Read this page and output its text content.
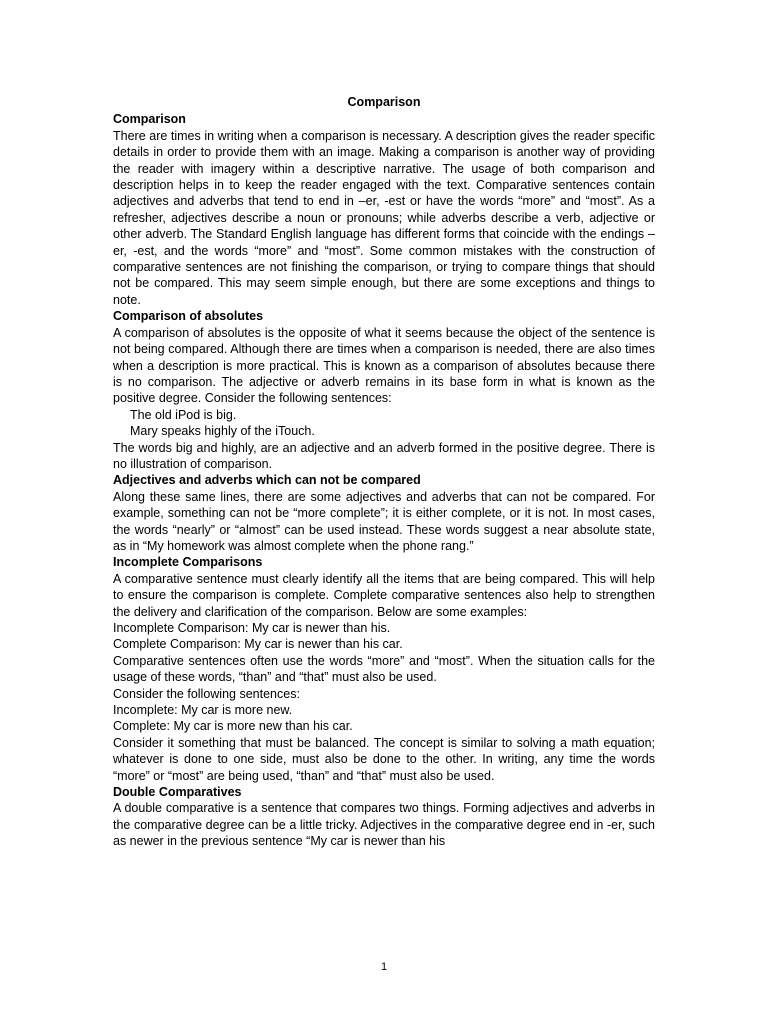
Comparison
Comparison

There are times in writing when a comparison is necessary. A description gives the reader specific details in order to provide them with an image. Making a comparison is another way of providing the reader with imagery within a descriptive narrative. The usage of both comparison and description helps in to keep the reader engaged with the text. Comparative sentences contain adjectives and adverbs that tend to end in –er, -est or have the words “more” and “most”. As a refresher, adjectives describe a noun or pronouns; while adverbs describe a verb, adjective or other adverb. The Standard English language has different forms that coincide with the endings –er, -est, and the words “more” and “most”. Some common mistakes with the construction of comparative sentences are not finishing the comparison, or trying to compare things that should not be compared. This may seem simple enough, but there are some exceptions and things to note.

Comparison of absolutes

A comparison of absolutes is the opposite of what it seems because the object of the sentence is not being compared. Although there are times when a comparison is needed, there are also times when a description is more practical. This is known as a comparison of absolutes because there is no comparison. The adjective or adverb remains in its base form in what is known as the positive degree. Consider the following sentences:

The old iPod is big.
Mary speaks highly of the iTouch.

The words big and highly, are an adjective and an adverb formed in the positive degree. There is no illustration of comparison.

Adjectives and adverbs which can not be compared

Along these same lines, there are some adjectives and adverbs that can not be compared. For example, something can not be “more complete”; it is either complete, or it is not. In most cases, the words “nearly” or “almost” can be used instead. These words suggest a near absolute state, as in “My homework was almost complete when the phone rang.”

Incomplete Comparisons

A comparative sentence must clearly identify all the items that are being compared. This will help to ensure the comparison is complete. Complete comparative sentences also help to strengthen the delivery and clarification of the comparison. Below are some examples:

Incomplete Comparison: My car is newer than his.
Complete Comparison: My car is newer than his car.

Comparative sentences often use the words “more” and “most”. When the situation calls for the usage of these words, “than” and “that” must also be used.

Consider the following sentences:
Incomplete: My car is more new.
Complete: My car is more new than his car.

Consider it something that must be balanced. The concept is similar to solving a math equation; whatever is done to one side, must also be done to the other. In writing, any time the words “more” or “most” are being used, “than” and “that” must also be used.

Double Comparatives

A double comparative is a sentence that compares two things. Forming adjectives and adverbs in the comparative degree can be a little tricky. Adjectives in the comparative degree end in -er, such as newer in the previous sentence “My car is newer than his

1
